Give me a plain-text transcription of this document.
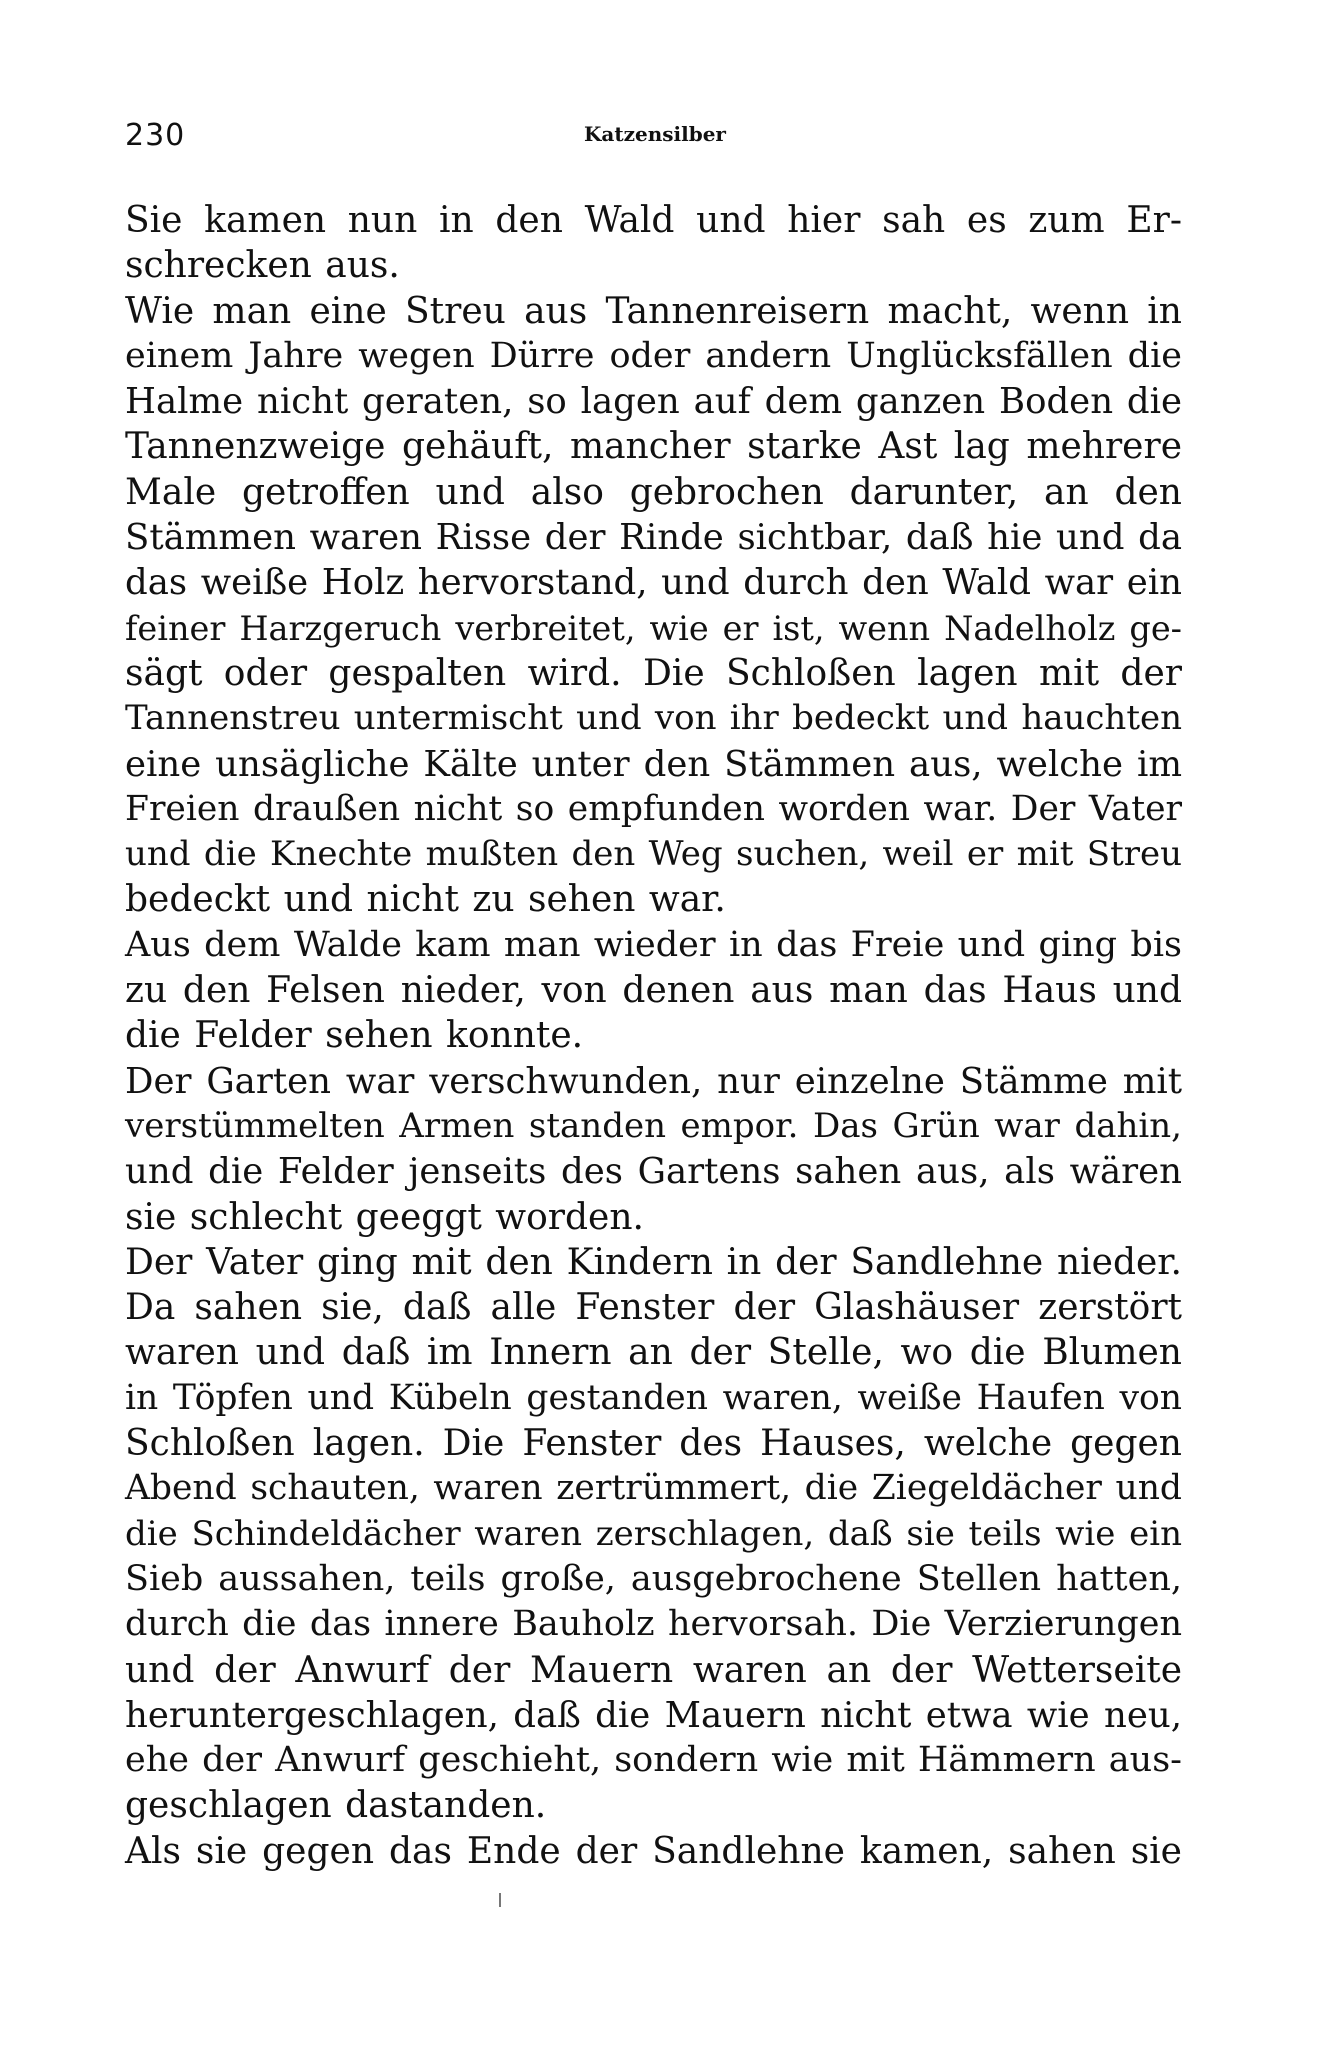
230	Katzensilber
Sie kamen nun in den Wald und hier sah es zum Er-
schrecken aus.
Wie man eine Streu aus Tannenreisern macht, wenn in
einem Jahre wegen Dürre oder andern Unglücksfällen die
Halme nicht geraten, so lagen auf dem ganzen Boden die
Tannenzweige gehäuft, mancher starke Ast lag mehrere
Male getroffen und also gebrochen darunter, an den
Stämmen waren Risse der Rinde sichtbar, daß hie und da
das weiße Holz hervorstand, und durch den Wald war ein
feiner Harzgeruch verbreitet, wie er ist, wenn Nadelholz ge-
sägt oder gespalten wird. Die Schloßen lagen mit der
Tannenstreu untermischt und von ihr bedeckt und hauchten
eine unsägliche Kälte unter den Stämmen aus, welche im
Freien draußen nicht so empfunden worden war. Der Vater
und die Knechte mußten den Weg suchen, weil er mit Streu
bedeckt und nicht zu sehen war.
Aus dem Walde kam man wieder in das Freie und ging bis
zu den Felsen nieder, von denen aus man das Haus und
die Felder sehen konnte.
Der Garten war verschwunden, nur einzelne Stämme mit
verstümmelten Armen standen empor. Das Grün war dahin,
und die Felder jenseits des Gartens sahen aus, als wären
sie schlecht geeggt worden.
Der Vater ging mit den Kindern in der Sandlehne nieder.
Da sahen sie, daß alle Fenster der Glashäuser zerstört
waren und daß im Innern an der Stelle, wo die Blumen
in Töpfen und Kübeln gestanden waren, weiße Haufen von
Schloßen lagen. Die Fenster des Hauses, welche gegen
Abend schauten, waren zertrümmert, die Ziegeldächer und
die Schindeldächer waren zerschlagen, daß sie teils wie ein
Sieb aussahen, teils große, ausgebrochene Stellen hatten,
durch die das innere Bauholz hervorsah. Die Verzierungen
und der Anwurf der Mauern waren an der Wetterseite
heruntergeschlagen, daß die Mauern nicht etwa wie neu,
ehe der Anwurf geschieht, sondern wie mit Hämmern aus-
geschlagen dastanden.
Als sie gegen das Ende der Sandlehne kamen, sahen sie
